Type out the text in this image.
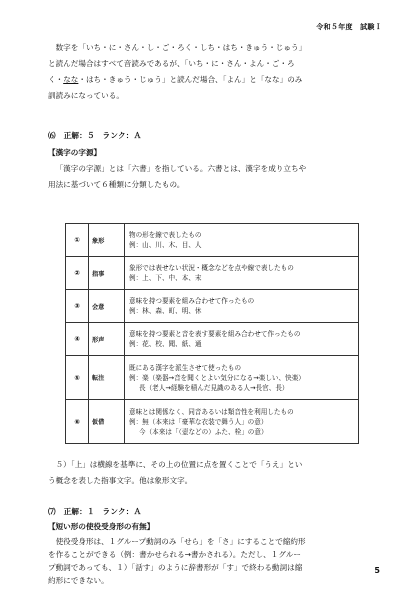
令和５年度　試験Ｉ

数字を「いち・に・さん・し・ご・ろく・しち・はち・きゅう・じゅう」
と読んだ場合はすべて音読みであるが、「いち・に・さん・よん・ご・ろ
く・なな・はち・きゅう・じゅう」と読んだ場合、「よん」と「なな」のみ
訓読みになっている。

⑹　正解：５　ランク：Ａ
【漢字の字源】

「漢字の字源」とは「六書」を指している。六書とは、漢字を成り立ちや
用法に基づいて６種類に分類したもの。

①	象形	物の形を線で表したもの
例：山、川、木、目、人
②	指事	象形では表せない状況・概念などを点や線で表したもの
例：上、下、中、本、末
③	会意	意味を持つ要素を組み合わせて作ったもの
例：林、森、町、明、休
④	形声	意味を持つ要素と音を表す要素を組み合わせて作ったもの
例：花、校、聞、紙、通
⑤	転注	既にある漢字を派生させて使ったもの
例：楽（楽器→音を聞くとよい気分になる→楽しい、快楽）

長（老人→経験を積んだ見識のある人→長官、長）

⑥	仮借	意味とは関係なく、同音あるいは類音性を利用したもの
例：無（本来は「豪華な衣装で舞う人」の意）

今（本来は「（壺などの）ふた、栓」の意）

５）「上」は横線を基準に、その上の位置に点を置くことで「うえ」とい
う概念を表した指事文字。他は象形文字。

⑺　正解：１　ランク：Ａ
【短い形の使役受身形の有無】

使役受身形は、１グループ動詞のみ「せら」を「さ」にすることで縮約形
を作ることができる（例：書かせられる→書かされる）。ただし、１グルー
プ動詞であっても、１）「話す」のように辞書形が「す」で終わる動詞は縮
約形にできない。

5
